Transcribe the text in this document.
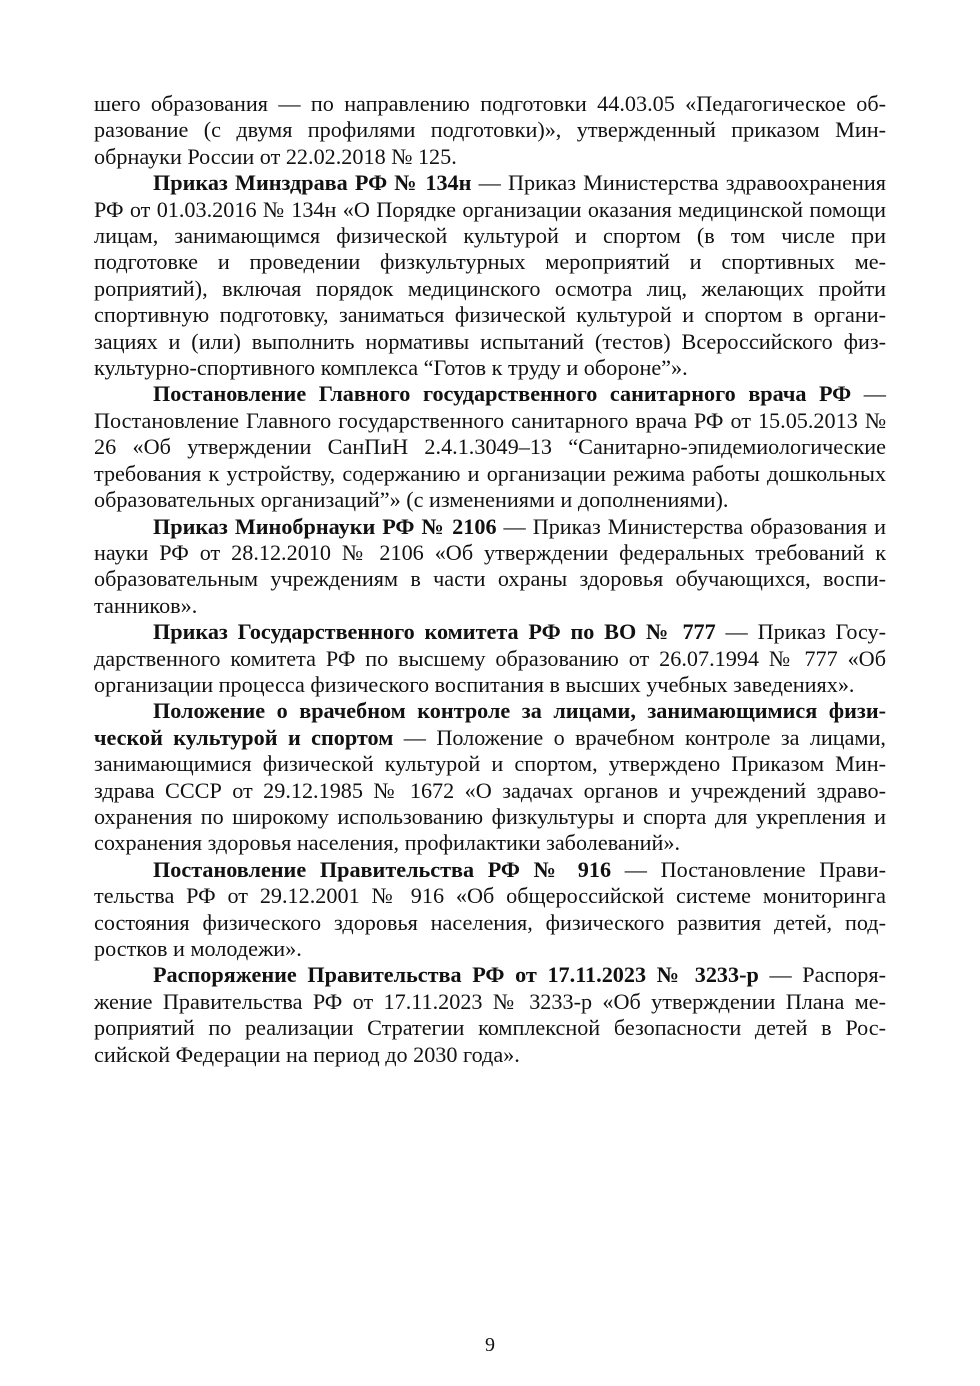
шего образования — по направлению подготовки 44.03.05 «Педагогическое образование (с двумя профилями подготовки)», утвержденный приказом Минобрнауки России от 22.02.2018 № 125.

Приказ Минздрава РФ № 134н — Приказ Министерства здравоохранения РФ от 01.03.2016 № 134н «О Порядке организации оказания медицинской помощи лицам, занимающимся физической культурой и спортом (в том числе при подготовке и проведении физкультурных мероприятий и спортивных мероприятий), включая порядок медицинского осмотра лиц, желающих пройти спортивную подготовку, заниматься физической культурой и спортом в организациях и (или) выполнить нормативы испытаний (тестов) Всероссийского физкультурно-спортивного комплекса “Готов к труду и обороне”».

Постановление Главного государственного санитарного врача РФ — Постановление Главного государственного санитарного врача РФ от 15.05.2013 № 26 «Об утверждении СанПиН 2.4.1.3049–13 “Санитарно-эпидемиологические требования к устройству, содержанию и организации режима работы дошкольных образовательных организаций”» (с изменениями и дополнениями).

Приказ Минобрнауки РФ № 2106 — Приказ Министерства образования и науки РФ от 28.12.2010 № 2106 «Об утверждении федеральных требований к образовательным учреждениям в части охраны здоровья обучающихся, воспитанников».

Приказ Государственного комитета РФ по ВО № 777 — Приказ Государственного комитета РФ по высшему образованию от 26.07.1994 № 777 «Об организации процесса физического воспитания в высших учебных заведениях».

Положение о врачебном контроле за лицами, занимающимися физической культурой и спортом — Положение о врачебном контроле за лицами, занимающимися физической культурой и спортом, утверждено Приказом Минздрава СССР от 29.12.1985 № 1672 «О задачах органов и учреждений здравоохранения по широкому использованию физкультуры и спорта для укрепления и сохранения здоровья населения, профилактики заболеваний».

Постановление Правительства РФ № 916 — Постановление Правительства РФ от 29.12.2001 № 916 «Об общероссийской системе мониторинга состояния физического здоровья населения, физического развития детей, подростков и молодежи».

Распоряжение Правительства РФ от 17.11.2023 № 3233-р — Распоряжение Правительства РФ от 17.11.2023 № 3233-р «Об утверждении Плана мероприятий по реализации Стратегии комплексной безопасности детей в Российской Федерации на период до 2030 года».

9
